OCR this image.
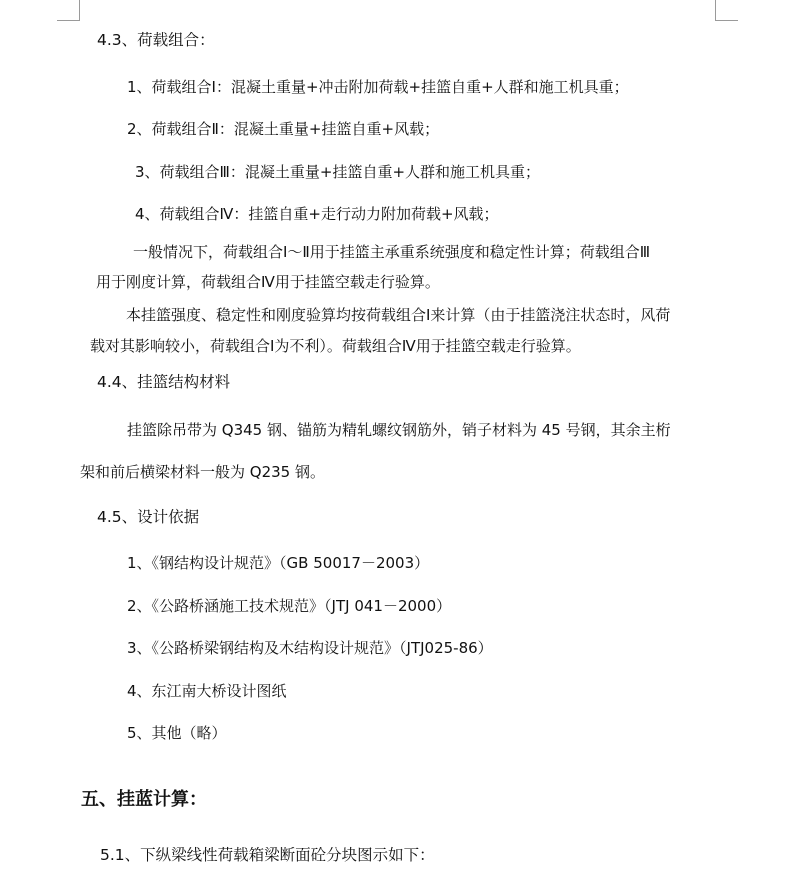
4.3、荷载组合：
1、荷载组合Ⅰ：混凝土重量+冲击附加荷载+挂篮自重+人群和施工机具重；
2、荷载组合Ⅱ：混凝土重量+挂篮自重+风载；
3、荷载组合Ⅲ：混凝土重量+挂篮自重+人群和施工机具重；
4、荷载组合Ⅳ：挂篮自重+走行动力附加荷载+风载；
一般情况下，荷载组合Ⅰ～Ⅱ用于挂篮主承重系统强度和稳定性计算；荷载组合Ⅲ
用于刚度计算，荷载组合Ⅳ用于挂篮空载走行验算。
本挂篮强度、稳定性和刚度验算均按荷载组合Ⅰ来计算（由于挂篮浇注状态时，风荷
载对其影响较小，荷载组合Ⅰ为不利）。荷载组合Ⅳ用于挂篮空载走行验算。
4.4、挂篮结构材料
挂篮除吊带为 Q345 钢、锚筋为精轧螺纹钢筋外，销子材料为 45 号钢，其余主桁
架和前后横梁材料一般为 Q235 钢。
4.5、设计依据
1、《钢结构设计规范》（GB 50017－2003）
2、《公路桥涵施工技术规范》（JTJ 041－2000）
3、《公路桥梁钢结构及木结构设计规范》（JTJ025-86）
4、东江南大桥设计图纸
5、其他（略）
五、挂蓝计算：
5.1、下纵梁线性荷载箱梁断面砼分块图示如下：
